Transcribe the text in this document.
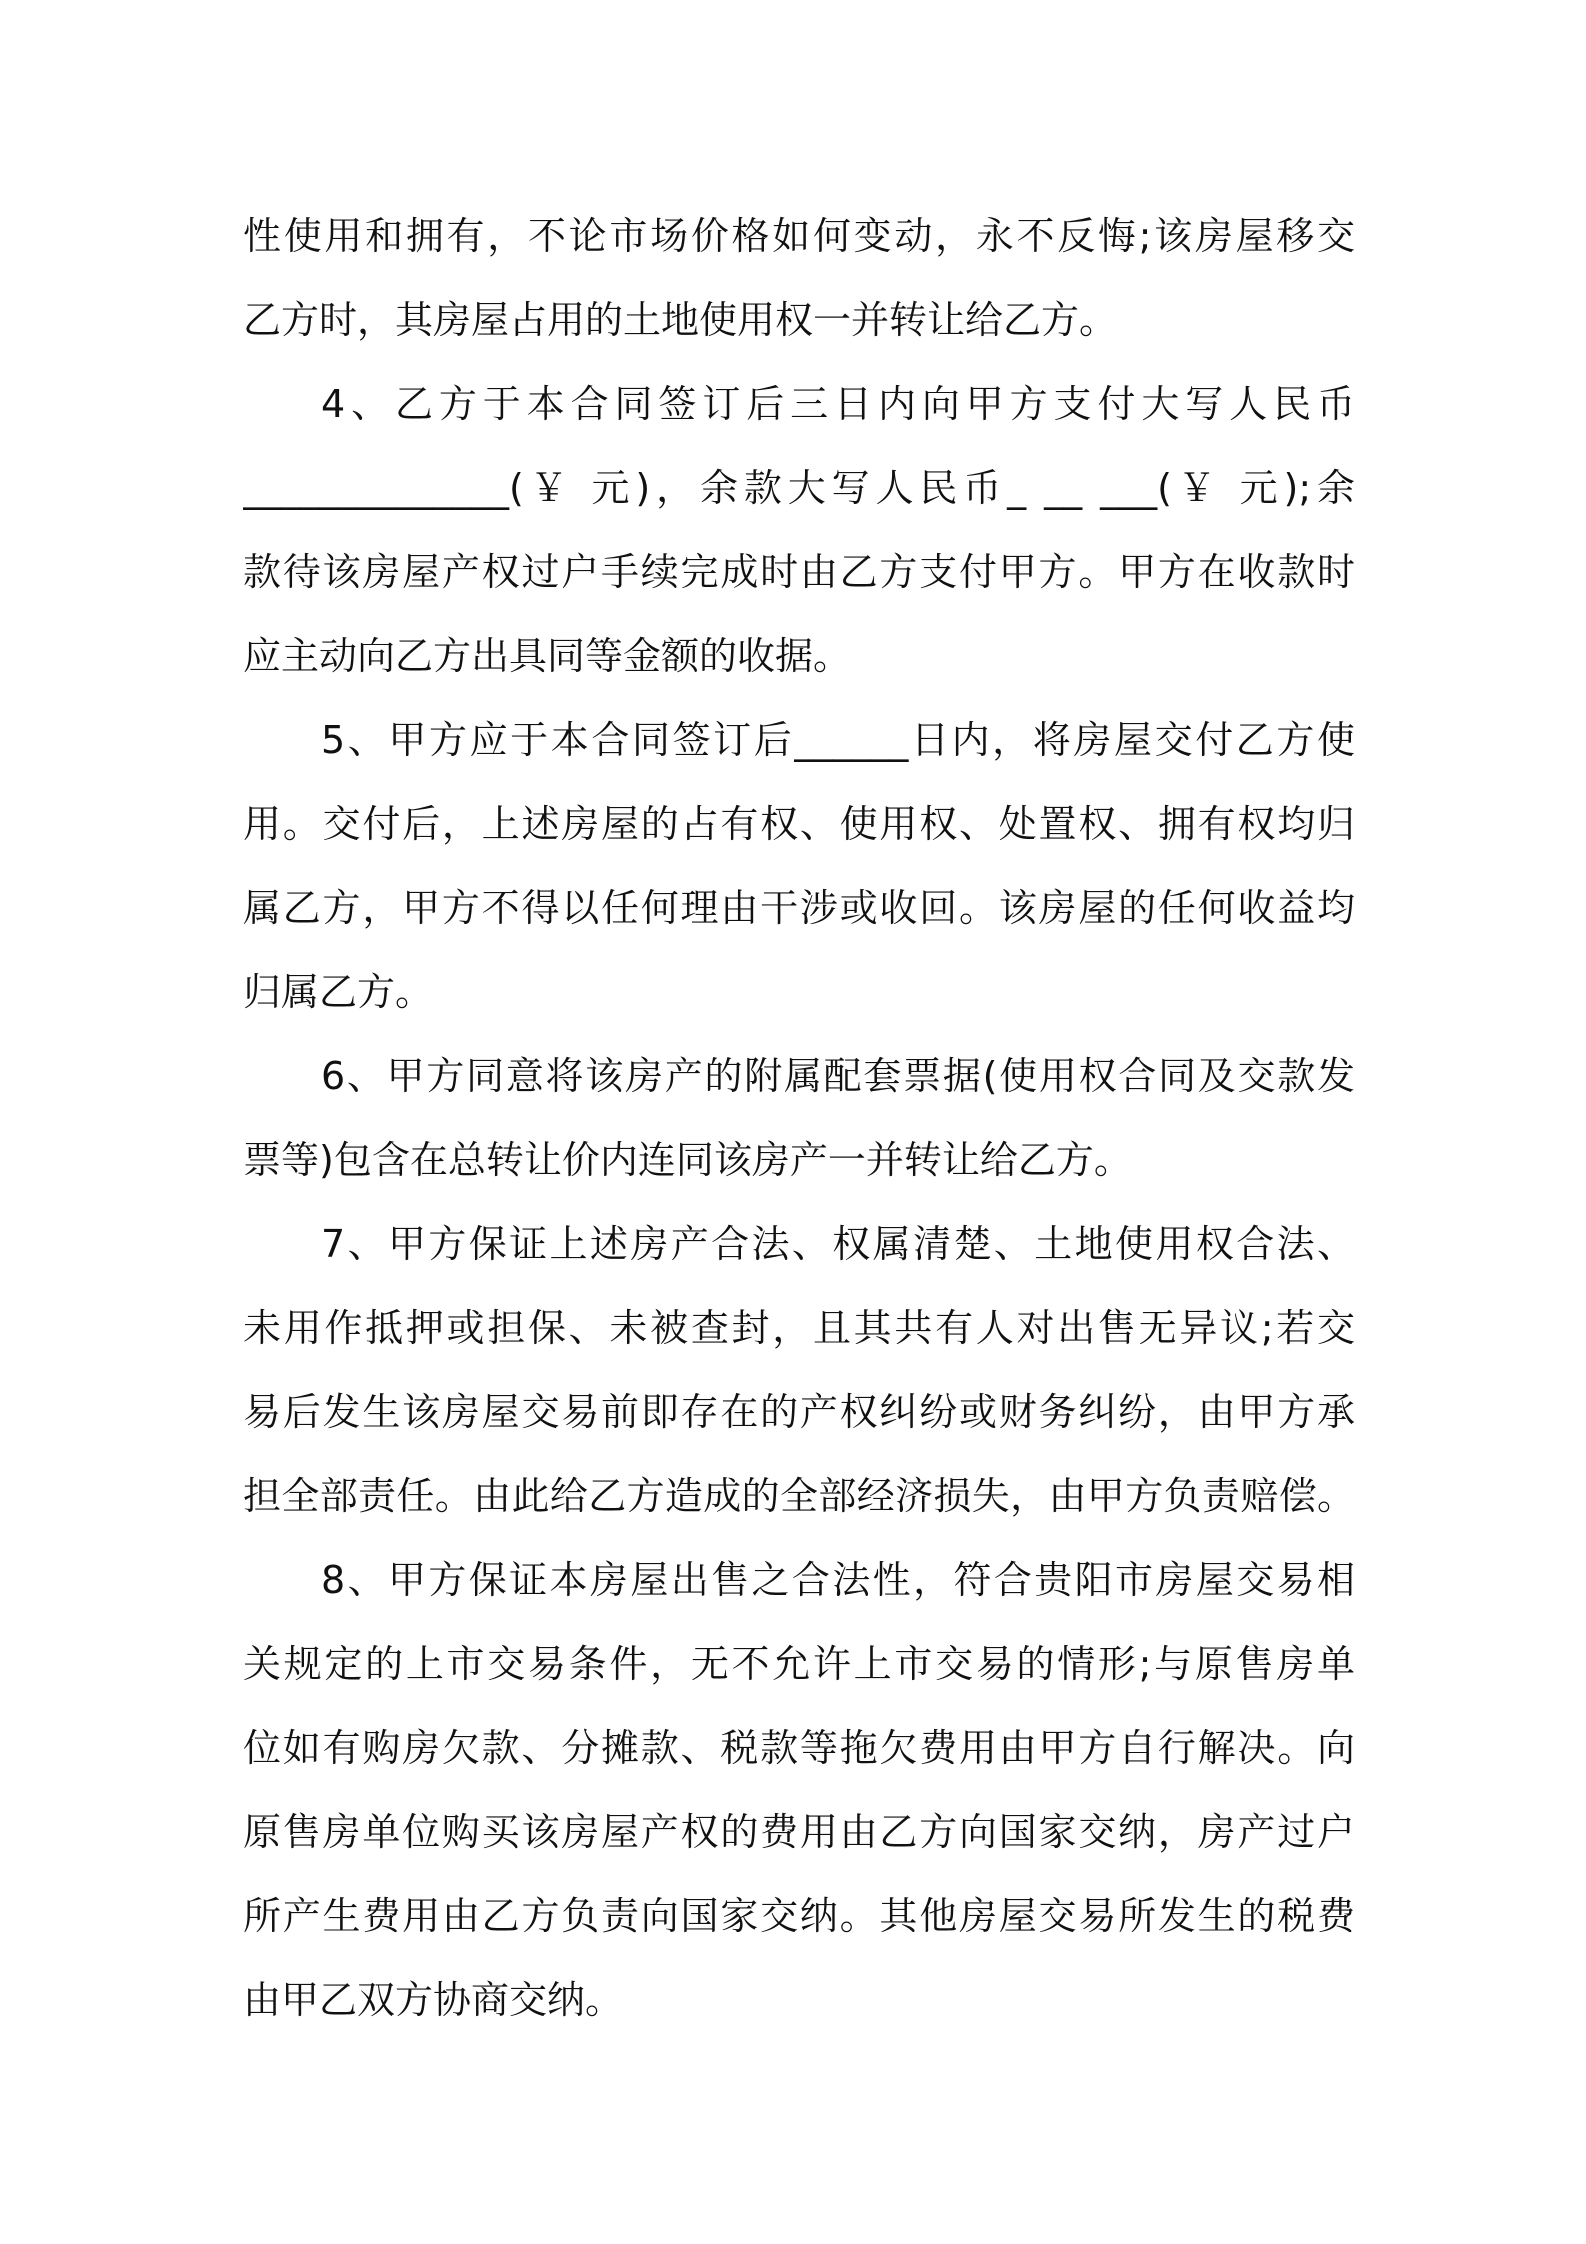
性使用和拥有，不论市场价格如何变动，永不反悔;该房屋移交
乙方时，其房屋占用的土地使用权一并转让给乙方。
4、乙方于本合同签订后三日内向甲方支付大写人民币
______________(￥ 元)，余款大写人民币_ __ ___(￥ 元);余
款待该房屋产权过户手续完成时由乙方支付甲方。甲方在收款时
应主动向乙方出具同等金额的收据。
5、甲方应于本合同签订后______日内，将房屋交付乙方使
用。交付后，上述房屋的占有权、使用权、处置权、拥有权均归
属乙方，甲方不得以任何理由干涉或收回。该房屋的任何收益均
归属乙方。
6、甲方同意将该房产的附属配套票据(使用权合同及交款发
票等)包含在总转让价内连同该房产一并转让给乙方。
7、甲方保证上述房产合法、权属清楚、土地使用权合法、
未用作抵押或担保、未被查封，且其共有人对出售无异议;若交
易后发生该房屋交易前即存在的产权纠纷或财务纠纷，由甲方承
担全部责任。由此给乙方造成的全部经济损失，由甲方负责赔偿。
8、甲方保证本房屋出售之合法性，符合贵阳市房屋交易相
关规定的上市交易条件，无不允许上市交易的情形;与原售房单
位如有购房欠款、分摊款、税款等拖欠费用由甲方自行解决。向
原售房单位购买该房屋产权的费用由乙方向国家交纳，房产过户
所产生费用由乙方负责向国家交纳。其他房屋交易所发生的税费
由甲乙双方协商交纳。
